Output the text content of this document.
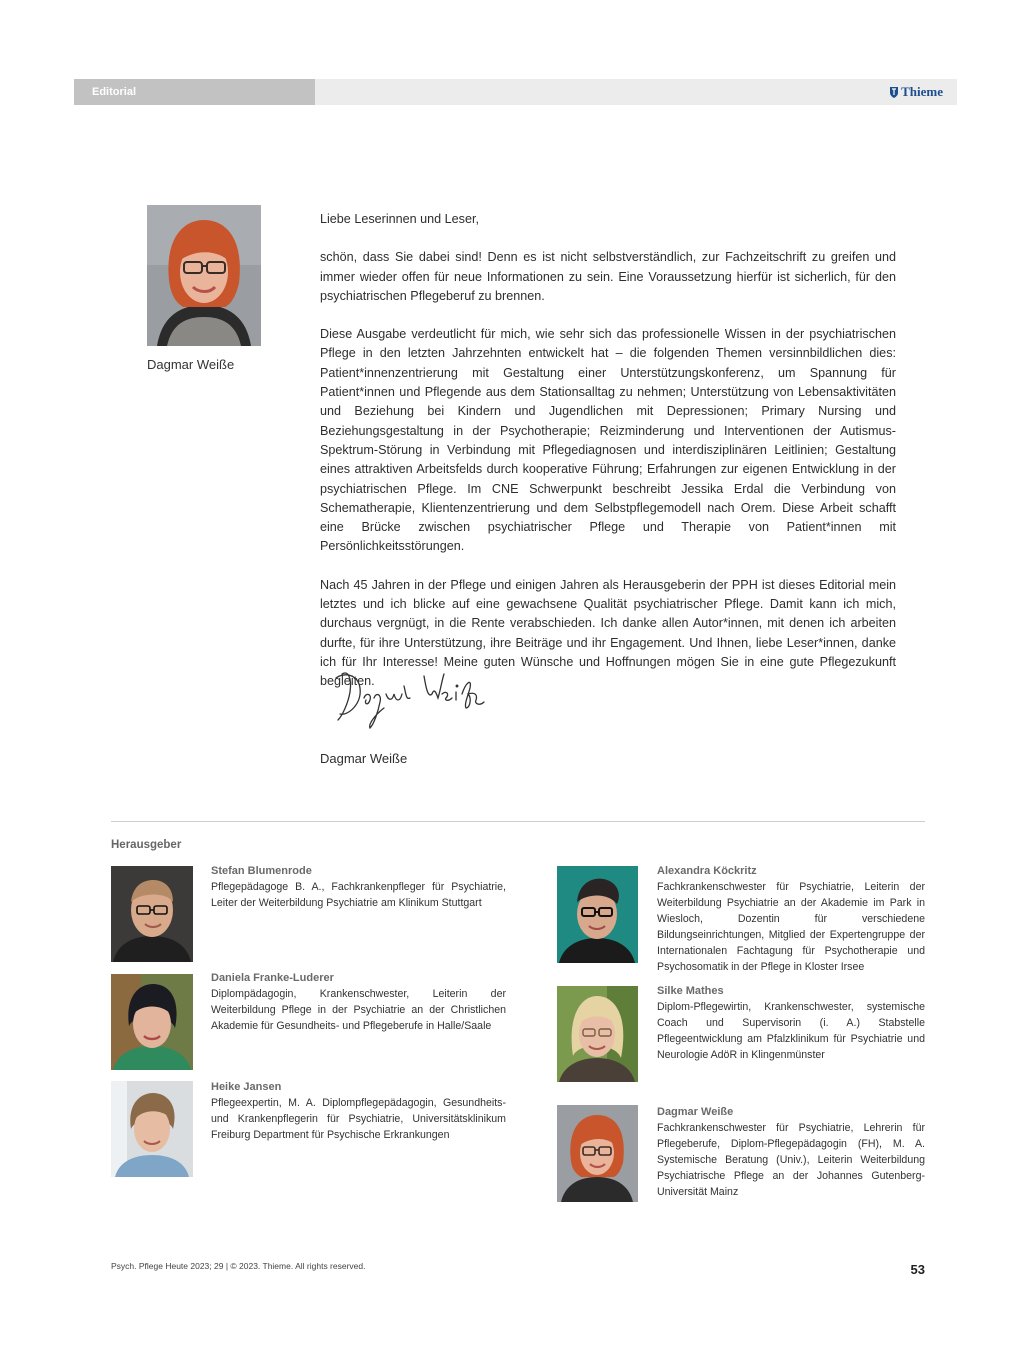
Editorial	Thieme
Dagmar Weiße

Liebe Leserinnen und Leser,

schön, dass Sie dabei sind! Denn es ist nicht selbstverständlich, zur Fachzeitschrift zu greifen und immer wieder offen für neue Informationen zu sein. Eine Voraussetzung hierfür ist sicherlich, für den psychiatrischen Pflegeberuf zu brennen.

Diese Ausgabe verdeutlicht für mich, wie sehr sich das professionelle Wissen in der psychiatrischen Pflege in den letzten Jahrzehnten entwickelt hat – die folgenden Themen versinnbildlichen dies: Patient*innenzentrierung mit Gestaltung einer Unterstützungskonferenz, um Spannung für Patient*innen und Pflegende aus dem Stationsalltag zu nehmen; Unterstützung von Lebensaktivitäten und Beziehung bei Kindern und Jugendlichen mit Depressionen; Primary Nursing und Beziehungsgestaltung in der Psychotherapie; Reizminderung und Interventionen der Autismus-Spektrum-Störung in Verbindung mit Pflegediagnosen und interdisziplinären Leitlinien; Gestaltung eines attraktiven Arbeitsfelds durch kooperative Führung; Erfahrungen zur eigenen Entwicklung in der psychiatrischen Pflege. Im CNE Schwerpunkt beschreibt Jessika Erdal die Verbindung von Schematherapie, Klientenzentrierung und dem Selbstpflegemodell nach Orem. Diese Arbeit schafft eine Brücke zwischen psychiatrischer Pflege und Therapie von Patient*innen mit Persönlichkeitsstörungen.

Nach 45 Jahren in der Pflege und einigen Jahren als Herausgeberin der PPH ist dieses Editorial mein letztes und ich blicke auf eine gewachsene Qualität psychiatrischer Pflege. Damit kann ich mich, durchaus vergnügt, in die Rente verabschieden. Ich danke allen Autor*innen, mit denen ich arbeiten durfte, für ihre Unterstützung, ihre Beiträge und ihr Engagement. Und Ihnen, liebe Leser*innen, danke ich für Ihr Interesse! Meine guten Wünsche und Hoffnungen mögen Sie in eine gute Pflegezukunft begleiten.

Dagmar Weiße
Herausgeber
Stefan Blumenrode
Pflegepädagoge B. A., Fachkrankenpfleger für Psychiatrie, Leiter der Weiterbildung Psychiatrie am Klinikum Stuttgart
Daniela Franke-Luderer
Diplompädagogin, Krankenschwester, Leiterin der Weiterbildung Pflege in der Psychiatrie an der Christlichen Akademie für Gesundheits- und Pflegeberufe in Halle/Saale
Heike Jansen
Pflegeexpertin, M. A. Diplompflegepädagogin, Gesundheits- und Krankenpflegerin für Psychiatrie, Universitätsklinikum Freiburg Department für Psychische Erkrankungen
Alexandra Köckritz
Fachkrankenschwester für Psychiatrie, Leiterin der Weiterbildung Psychiatrie an der Akademie im Park in Wiesloch, Dozentin für verschiedene Bildungseinrichtungen, Mitglied der Expertengruppe der Internationalen Fachtagung für Psychotherapie und Psychosomatik in der Pflege in Kloster Irsee
Silke Mathes
Diplom-Pflegewirtin, Krankenschwester, systemische Coach und Supervisorin (i. A.) Stabstelle Pflegeentwicklung am Pfalzklinikum für Psychiatrie und Neurologie AdöR in Klingenmünster
Dagmar Weiße
Fachkrankenschwester für Psychiatrie, Lehrerin für Pflegeberufe, Diplom-Pflegepädagogin (FH), M. A. Systemische Beratung (Univ.), Leiterin Weiterbildung Psychiatrische Pflege an der Johannes Gutenberg-Universität Mainz
Psych. Pflege Heute 2023; 29 | © 2023. Thieme. All rights reserved.	53
